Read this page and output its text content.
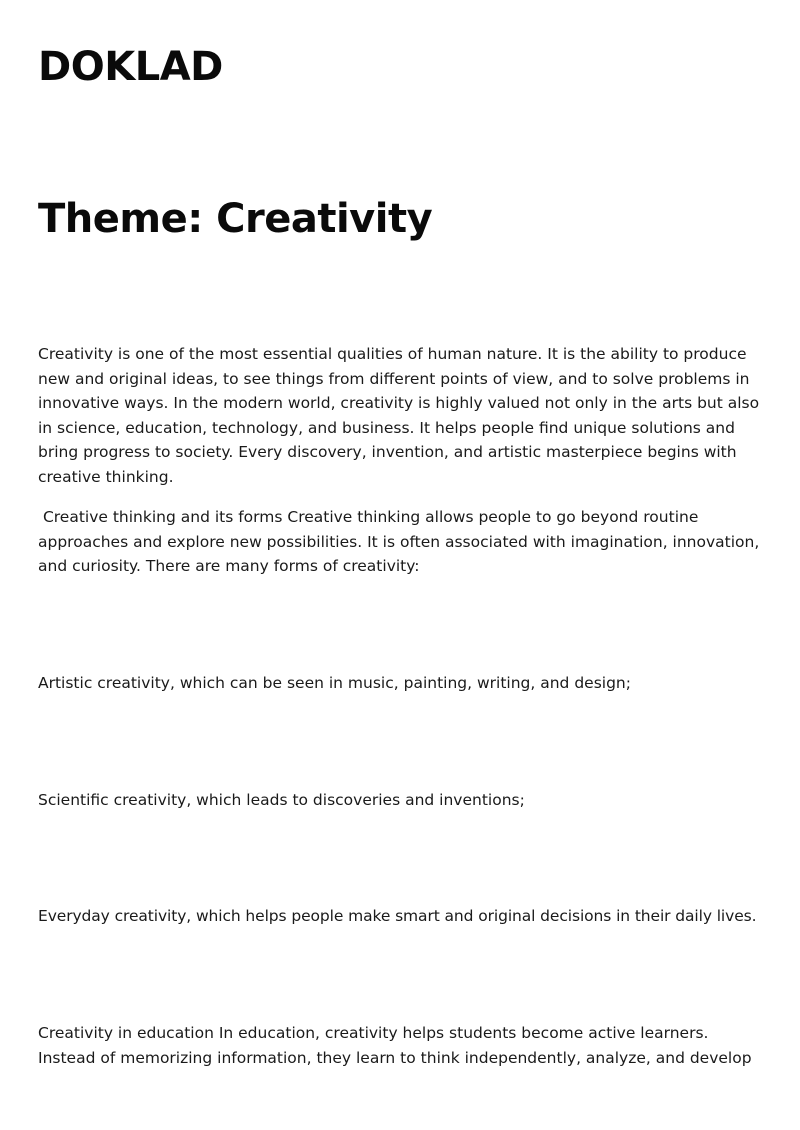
DOKLAD
Theme: Creativity

Creativity is one of the most essential qualities of human nature. It is the ability to produce new and original ideas, to see things from different points of view, and to solve problems in innovative ways. In the modern world, creativity is highly valued not only in the arts but also in science, education, technology, and business. It helps people find unique solutions and bring progress to society. Every discovery, invention, and artistic masterpiece begins with creative thinking.

Creative thinking and its forms Creative thinking allows people to go beyond routine approaches and explore new possibilities. It is often associated with imagination, innovation, and curiosity. There are many forms of creativity:

Artistic creativity, which can be seen in music, painting, writing, and design;

Scientific creativity, which leads to discoveries and inventions;

Everyday creativity, which helps people make smart and original decisions in their daily lives.

Creativity in education In education, creativity helps students become active learners. Instead of memorizing information, they learn to think independently, analyze, and develop
